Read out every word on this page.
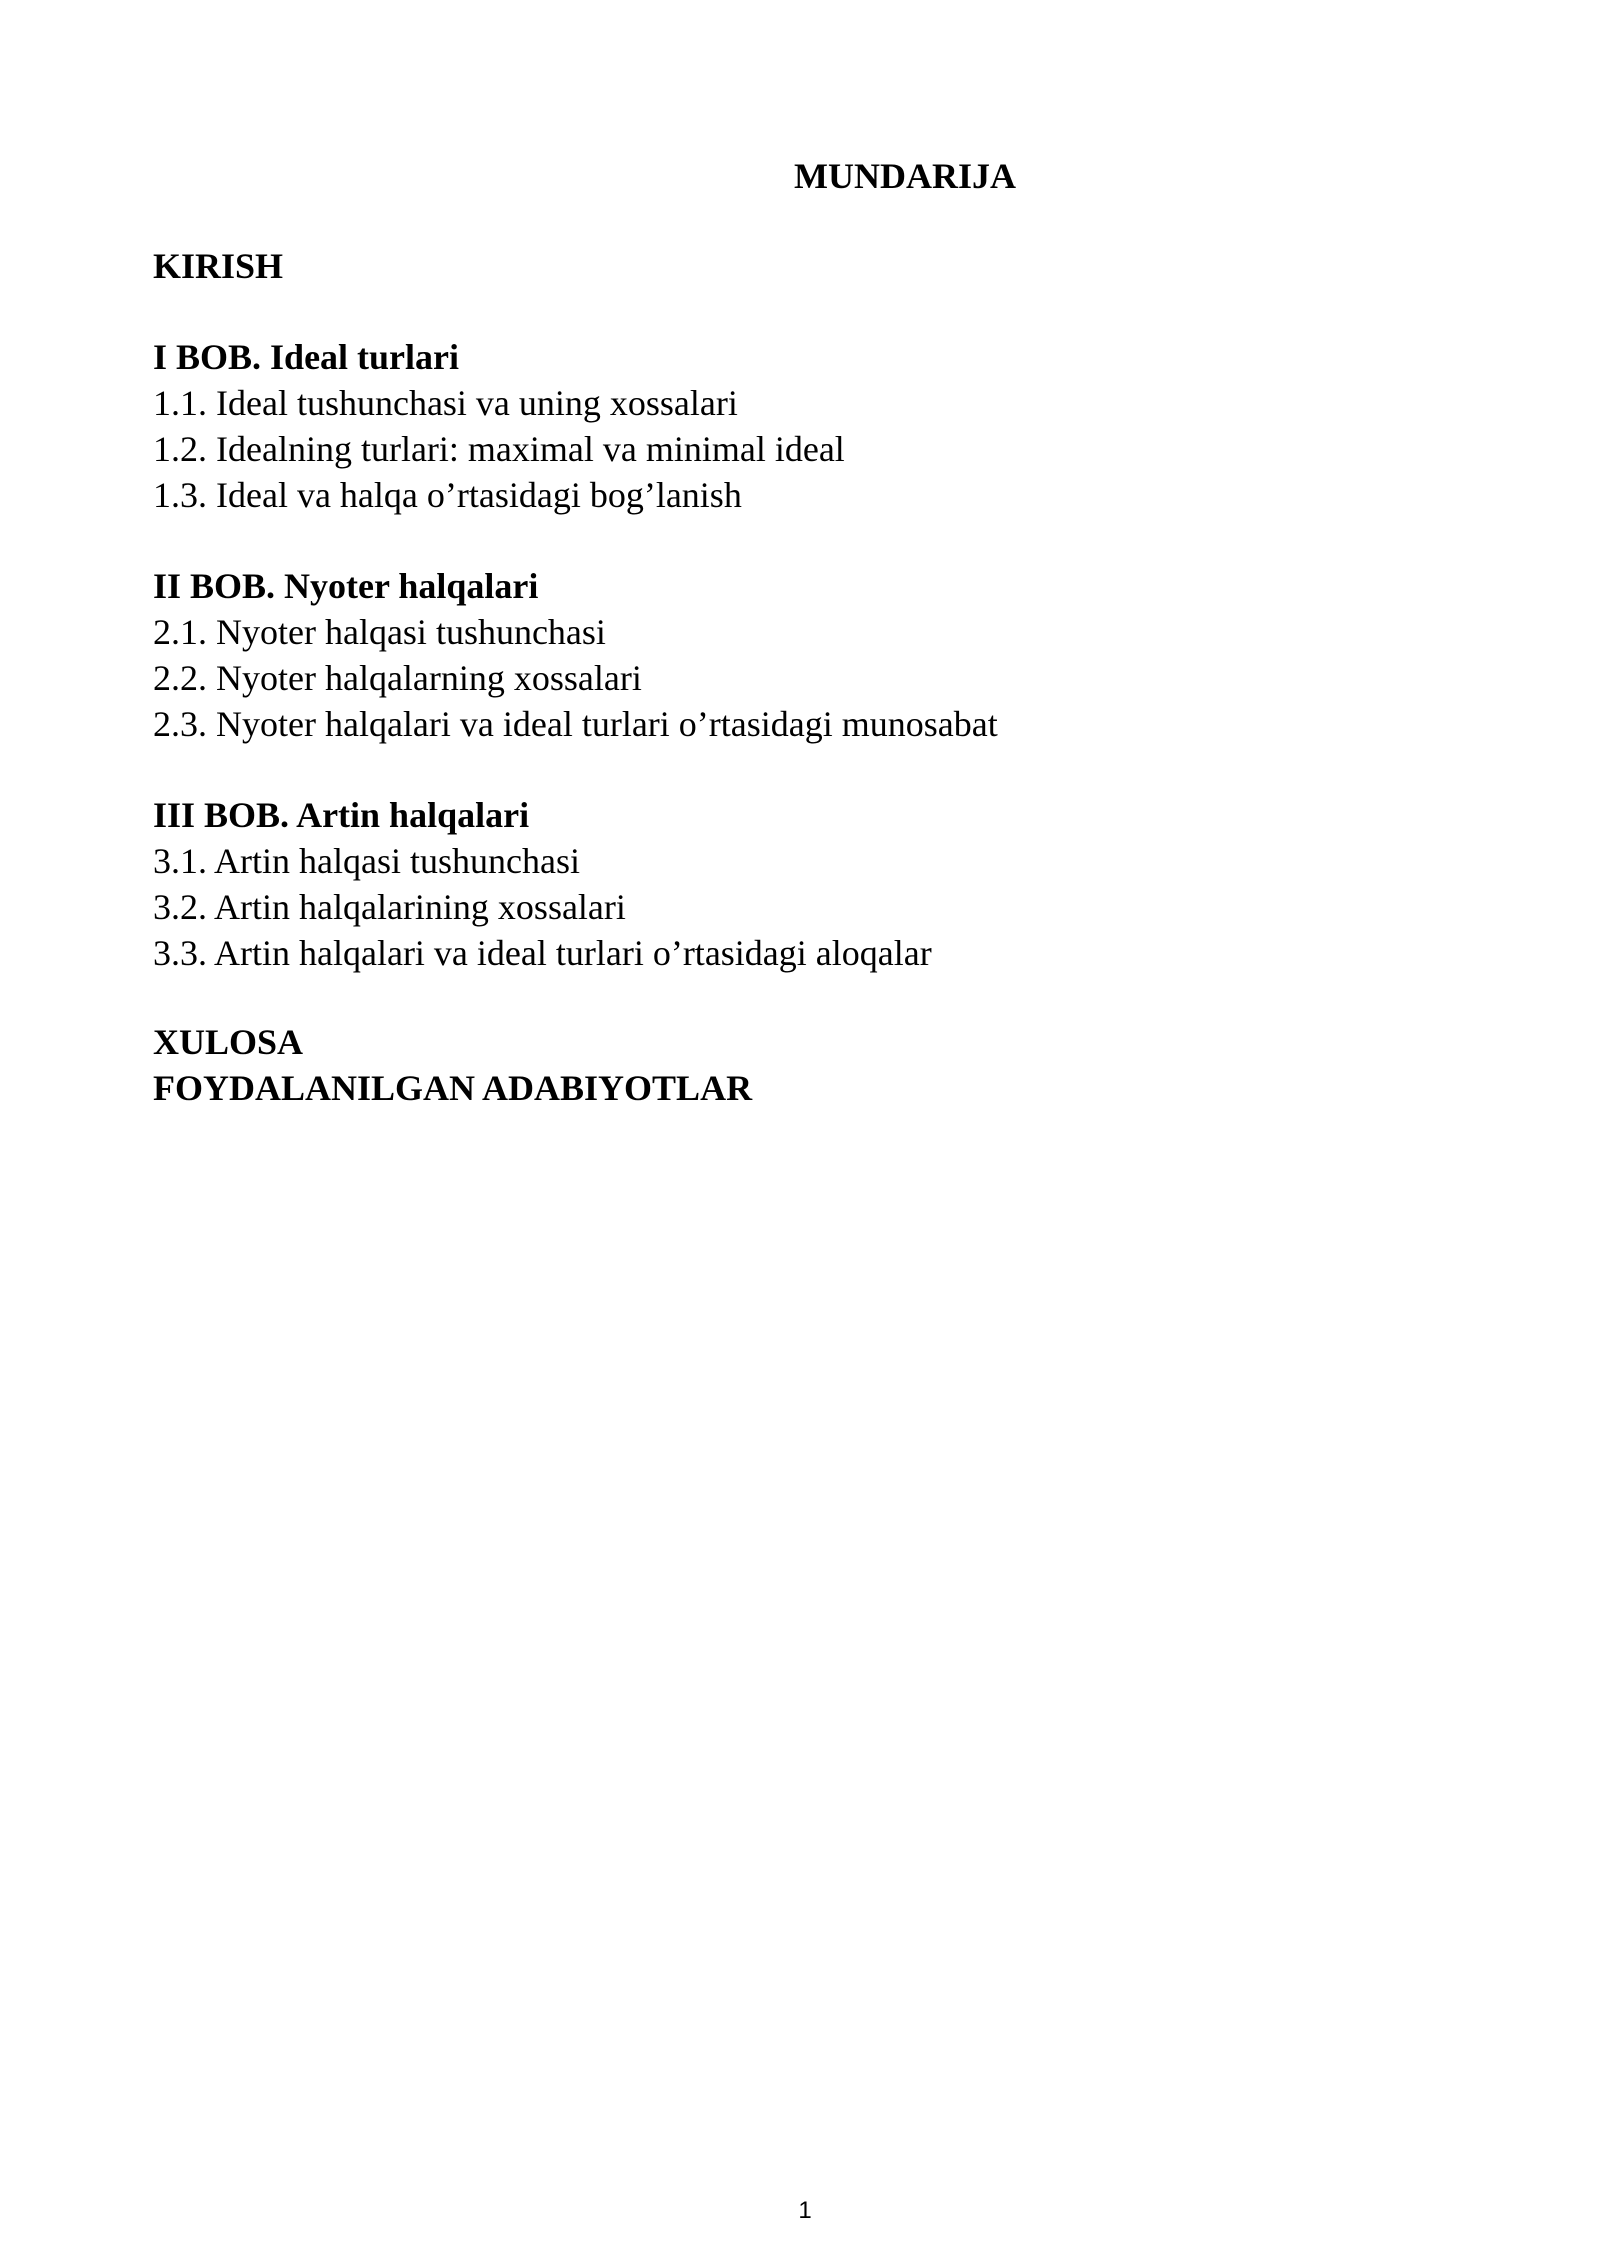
MUNDARIJA
KIRISH
I BOB. Ideal turlari
1.1. Ideal tushunchasi va uning xossalari
1.2. Idealning turlari: maximal va minimal ideal
1.3. Ideal va halqa o’rtasidagi bog’lanish
II BOB. Nyoter halqalari
2.1. Nyoter halqasi tushunchasi
2.2. Nyoter halqalarning xossalari
2.3. Nyoter halqalari va ideal turlari o’rtasidagi munosabat
III BOB. Artin halqalari
3.1. Artin halqasi tushunchasi
3.2. Artin halqalarining xossalari
3.3. Artin halqalari va ideal turlari o’rtasidagi aloqalar
XULOSA
FOYDALANILGAN ADABIYOTLAR
1
